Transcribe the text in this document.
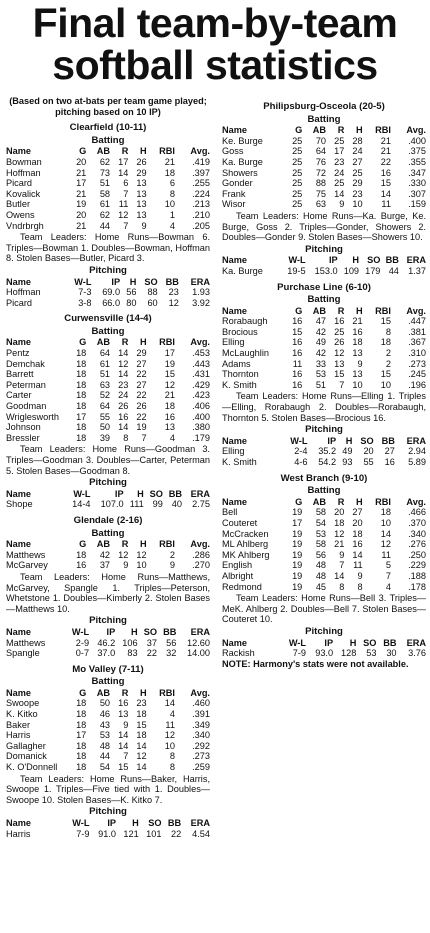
Final team-by-team
softball statistics
(Based on two at-bats per team game played; pitching based on 10 IP)
Clearfield (10-11)
Batting
Name	G	AB	R	H	RBI	Avg.
Bowman	20	62	17	26	21	.419
Hoffman	21	73	14	29	18	.397
Picard	17	51	6	13	6	.255
Kovalick	21	58	7	13	8	.224
Butler	19	61	11	13	10	.213
Owens	20	62	12	13	1	.210
Vndrbrgh	21	44	7	9	4	.205
Team Leaders: Home Runs—Bowman 6. Triples—Bowman 1. Doubles—Bowman, Hoffman 8. Stolen Bases—Butler, Picard 3.
Pitching
Name	W-L	IP	H	SO	BB	ERA
Hoffman	7-3	69.0	56	88	23	1.93
Picard	3-8	66.0	80	60	12	3.92
Curwensville (14-4)
Batting
Name	G	AB	R	H	RBI	Avg.
Pentz	18	64	14	29	17	.453
Demchak	18	61	12	27	19	.443
Barrett	18	51	14	22	15	.431
Peterman	18	63	23	27	12	.429
Carter	18	52	24	22	21	.423
Goodman	18	64	26	26	18	.406
Wriglesworth	17	55	16	22	16	.400
Johnson	18	50	14	19	13	.380
Bressler	18	39	8	7	4	.179
Team Leaders: Home Runs—Goodman 3. Triples—Goodman 3. Doubles—Carter, Peterman 5. Stolen Bases—Goodman 8.
Pitching
Name	W-L	IP	H	SO	BB	ERA
Shope	14-4	107.0	111	99	40	2.75
Glendale (2-16)
Batting
Name	G	AB	R	H	RBI	Avg.
Matthews	18	42	12	12	2	.286
McGarvey	16	37	9	10	9	.270
Team Leaders: Home Runs—Matthews, McGarvey, Spangle 1. Triples—Peterson, Whetstone 1. Doubles—Kimberly 2. Stolen Bases—Matthews 10.
Pitching
Name	W-L	IP	H	SO	BB	ERA
Matthews	2-9	46.2	106	37	56	12.60
Spangle	0-7	37.0	83	22	32	14.00
Mo Valley (7-11)
Batting
Name	G	AB	R	H	RBI	Avg.
Swoope	18	50	16	23	14	.460
K. Kitko	18	46	13	18	4	.391
Baker	18	43	9	15	11	.349
Harris	17	53	14	18	12	.340
Gallagher	18	48	14	14	10	.292
Domanick	18	44	7	12	8	.273
K. O'Donnell	18	54	15	14	8	.259
Team Leaders: Home Runs—Baker, Harris, Swoope 1. Triples—Five tied with 1. Doubles—Swoope 10. Stolen Bases—K. Kitko 7.
Pitching
Name	W-L	IP	H	SO	BB	ERA
Harris	7-9	91.0	121	101	22	4.54
Philipsburg-Osceola (20-5)
Batting
Name	G	AB	R	H	RBI	Avg.
Ke. Burge	25	70	25	28	21	.400
Goss	25	64	17	24	21	.375
Ka. Burge	25	76	23	27	22	.355
Showers	25	72	24	25	16	.347
Gonder	25	88	25	29	15	.330
Frank	25	75	14	23	14	.307
Wisor	25	63	9	10	11	.159
Team Leaders: Home Runs—Ka. Burge, Ke. Burge, Goss 2. Triples—Gonder, Showers 2. Doubles—Gonder 9. Stolen Bases—Showers 10.
Pitching
Name	W-L	IP	H	SO	BB	ERA
Ka. Burge	19-5	153.0	109	179	44	1.37
Purchase Line (6-10)
Batting
Name	G	AB	R	H	RBI	Avg.
Rorabaugh	16	47	16	21	15	.447
Brocious	15	42	25	16	8	.381
Elling	16	49	26	18	18	.367
McLaughlin	16	42	12	13	2	.310
Adams	11	33	13	9	2	.273
Thornton	16	53	15	13	15	.245
K. Smith	16	51	7	10	10	.196
Team Leaders: Home Runs—Elling 1. Triples—Elling, Rorabaugh 2. Doubles—Rorabaugh, Thornton 5. Stolen Bases—Brocious 16.
Pitching
Name	W-L	IP	H	SO	BB	ERA
Elling	2-4	35.2	49	20	27	2.94
K. Smith	4-6	54.2	93	55	16	5.89
West Branch (9-10)
Batting
Name	G	AB	R	H	RBI	Avg.
Bell	19	58	20	27	18	.466
Couteret	17	54	18	20	10	.370
McCracken	19	53	12	18	14	.340
ML Ahlberg	19	58	21	16	12	.276
MK Ahlberg	19	56	9	14	11	.250
English	19	48	7	11	5	.229
Albright	19	48	14	9	7	.188
Redmond	19	45	8	8	4	.178
Team Leaders: Home Runs—Bell 3. Triples—MeK. Ahlberg 2. Doubles—Bell 7. Stolen Bases—Couteret 10.
Pitching
Name	W-L	IP	H	SO	BB	ERA
Rackish	7-9	93.0	128	53	30	3.76
NOTE: Harmony's stats were not available.
